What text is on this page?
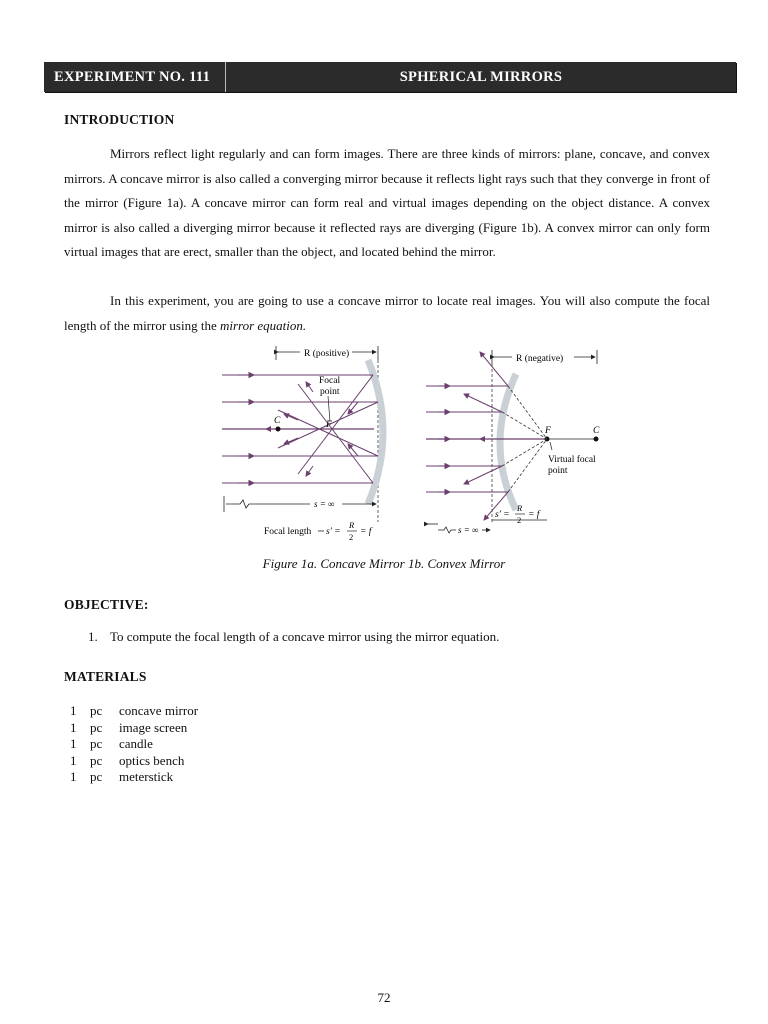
EXPERIMENT NO. 111	SPHERICAL MIRRORS
INTRODUCTION

Mirrors reflect light regularly and can form images. There are three kinds of mirrors: plane, concave, and convex mirrors. A concave mirror is also called a converging mirror because it reflects light rays such that they converge in front of the mirror (Figure 1a). A concave mirror can form real and virtual images depending on the object distance. A convex mirror is also called a diverging mirror because it reflected rays are diverging (Figure 1b). A convex mirror can only form virtual images that are erect, smaller than the object, and located behind the mirror.

In this experiment, you are going to use a concave mirror to locate real images. You will also compute the focal length of the mirror using the mirror equation.

R (positive)
Focal
point
C	F
s = ∞
Focal length s′ =
R
2 = f
R (negative)
F	C
Virtual focal
point
s′ =
R
2 = f
s = ∞
Figure 1a. Concave Mirror 1b. Convex Mirror
OBJECTIVE:
1. To compute the focal length of a concave mirror using the mirror equation.
MATERIALS
1	pc	concave mirror
1	pc	image screen
1	pc	candle
1	pc	optics bench
1	pc	meterstick
72
